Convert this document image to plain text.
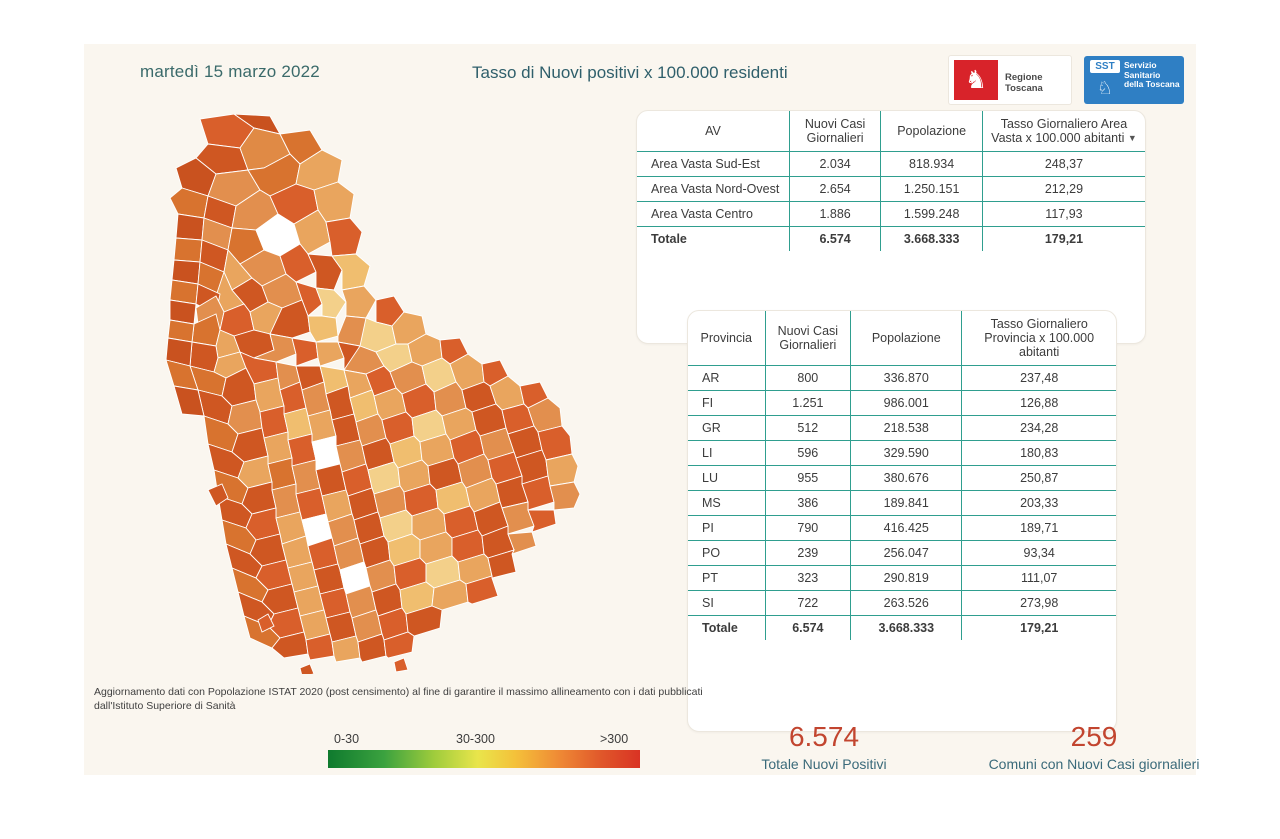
martedì 15 marzo 2022	Tasso di Nuovi positivi x 100.000 residenti	♞	Regione Toscana
SST
♘
Servizio Sanitario della Toscana
AV	Nuovi Casi Giornalieri	Popolazione	Tasso Giornaliero Area Vasta x 100.000 abitanti ▼
Area Vasta Sud-Est	2.034	818.934	248,37
Area Vasta Nord-Ovest	2.654	1.250.151	212,29
Area Vasta Centro	1.886	1.599.248	117,93
Totale	6.574	3.668.333	179,21
Provincia	Nuovi Casi Giornalieri	Popolazione	Tasso Giornaliero Provincia x 100.000 abitanti
AR	800	336.870	237,48
FI	1.251	986.001	126,88
GR	512	218.538	234,28
LI	596	329.590	180,83
LU	955	380.676	250,87
MS	386	189.841	203,33
PI	790	416.425	189,71
PO	239	256.047	93,34
PT	323	290.819	111,07
SI	722	263.526	273,98
Totale	6.574	3.668.333	179,21
Aggiornamento dati con Popolazione ISTAT 2020 (post censimento) al fine di garantire il massimo allineamento con i dati pubblicati dall'Istituto Superiore di Sanità
0-30	30-300	>300	6.574
Totale Nuovi Positivi
259
Comuni con Nuovi Casi giornalieri
